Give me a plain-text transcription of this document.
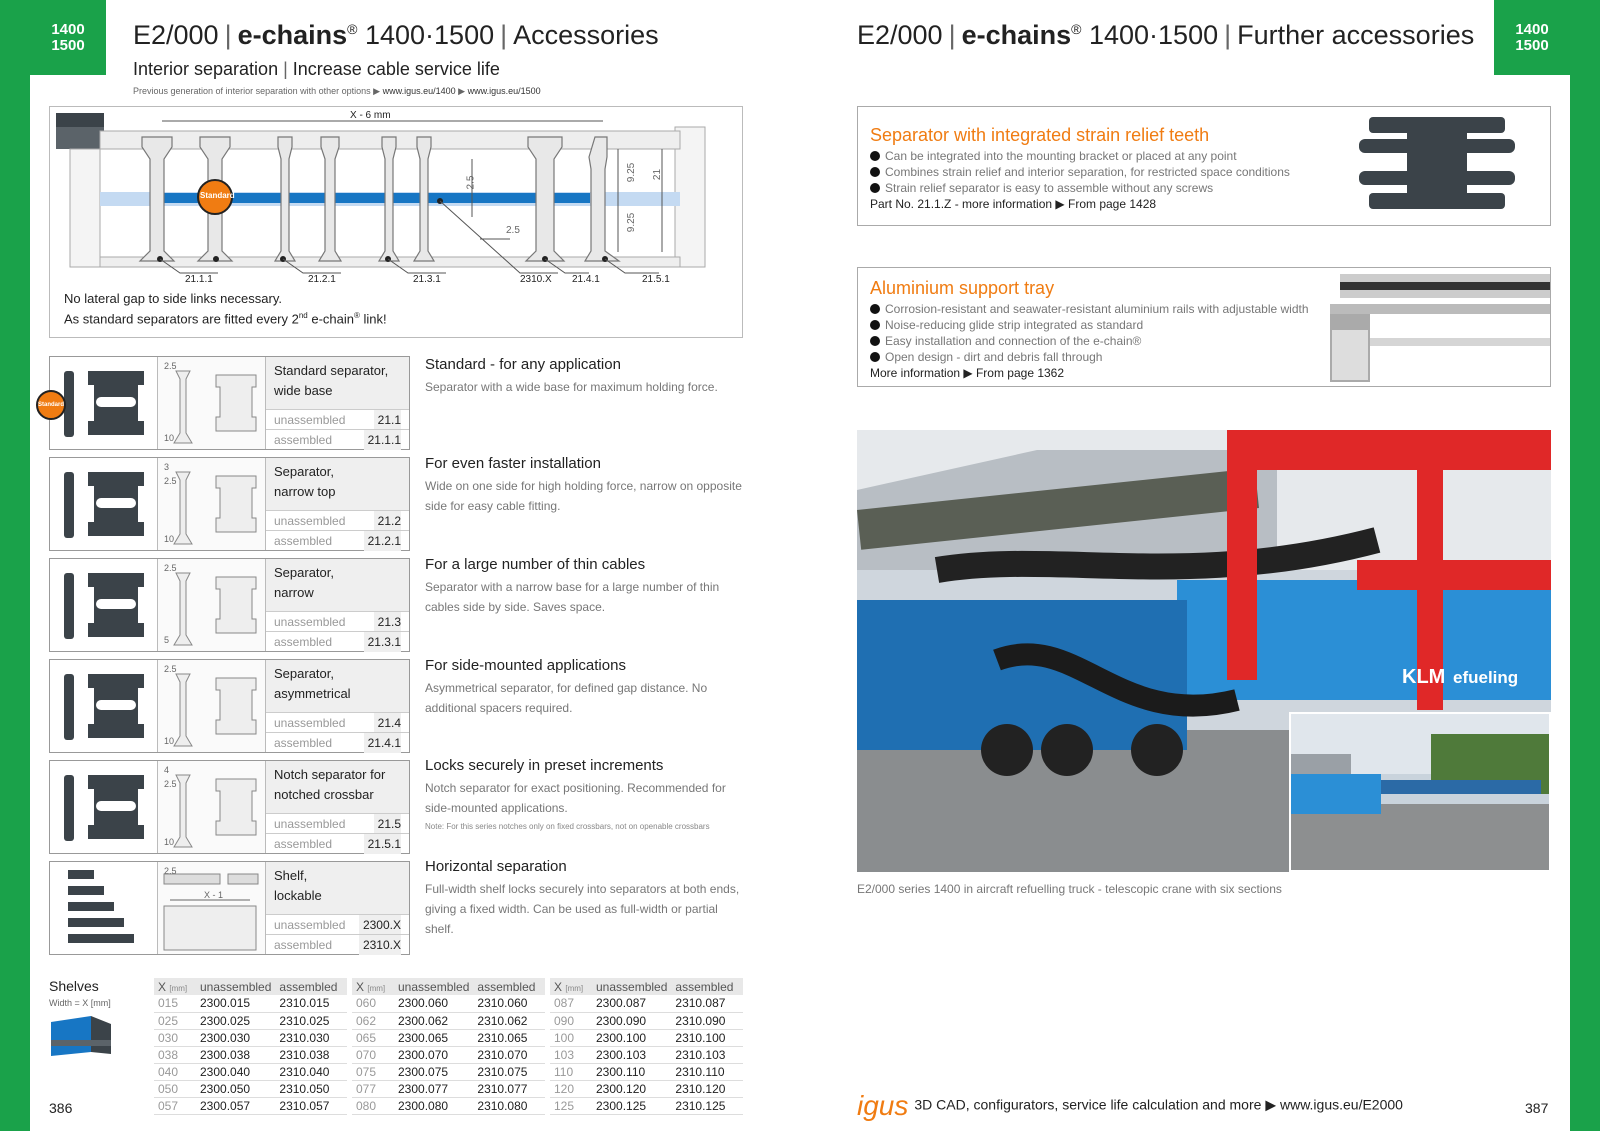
1400
1500
1400
1500
E2/000 | e-chains® 1400·1500 | Accessories
Interior separation | Increase cable service life
Previous generation of interior separation with other options ▶ www.igus.eu/1400 ▶ www.igus.eu/1500
X - 6 mm
Standard
2.5
9.25
9.25
21
2.5
21.1.1	21.2.1	21.3.1	2310.X 21.4.1	21.5.1
No lateral gap to side links necessary.
As standard separators are fitted every 2nd e-chain® link!
2.5
10
Standard separator,
wide base
unassembled	21.1
assembled	21.1.1
3
2.5
10
Separator,
narrow top
unassembled	21.2
assembled	21.2.1
2.5
5
Separator,
narrow
unassembled	21.3
assembled	21.3.1
2.5
10
Separator,
asymmetrical
unassembled	21.4
assembled	21.4.1
4
2.5
10
Notch separator for
notched crossbar
unassembled	21.5
assembled	21.5.1
2.5
X - 1
Shelf,
lockable
unassembled	2300.X
assembled	2310.X
Shelves
Width = X [mm]
X [mm]	unassembled	assembled
015	2300.015	2310.015
025	2300.025	2310.025
030	2300.030	2310.030
038	2300.038	2310.038
040	2300.040	2310.040
050	2300.050	2310.050
057	2300.057	2310.057
X [mm]	unassembled	assembled
060	2300.060	2310.060
062	2300.062	2310.062
065	2300.065	2310.065
070	2300.070	2310.070
075	2300.075	2310.075
077	2300.077	2310.077
080	2300.080	2310.080
X [mm]	unassembled	assembled
087	2300.087	2310.087
090	2300.090	2310.090
100	2300.100	2310.100
103	2300.103	2310.103
110	2300.110	2310.110
120	2300.120	2310.120
125	2300.125	2310.125
386
E2/000 | e-chains® 1400·1500 | Further accessories
Separator with integrated strain relief teeth
Can be integrated into the mounting bracket or placed at any point
Combines strain relief and interior separation, for restricted space conditions
Strain relief separator is easy to assemble without any screws
Part No. 21.1.Z - more information ▶ From page 1428
Aluminium support tray
Corrosion-resistant and seawater-resistant aluminium rails with adjustable width
Noise-reducing glide strip integrated as standard
Easy installation and connection of the e-chain®
Open design - dirt and debris fall through
More information ▶ From page 1362
KLM efueling
E2/000 series 1400 in aircraft refuelling truck - telescopic crane with six sections
igus 3D CAD, configurators, service life calculation and more ▶ www.igus.eu/E2000	387
Standard
Standard - for any application

Separator with a wide base for maximum holding force.

For even faster installation

Wide on one side for high holding force, narrow on opposite side for easy cable fitting.

For a large number of thin cables

Separator with a narrow base for a large number of thin cables side by side. Saves space.

For side-mounted applications

Asymmetrical separator, for defined gap distance. No additional spacers required.

Locks securely in preset increments

Notch separator for exact positioning. Recommended for side-mounted applications.

Note: For this series notches only on fixed crossbars, not on openable crossbars

Horizontal separation

Full-width shelf locks securely into separators at both ends, giving a fixed width. Can be used as full-width or partial shelf.
